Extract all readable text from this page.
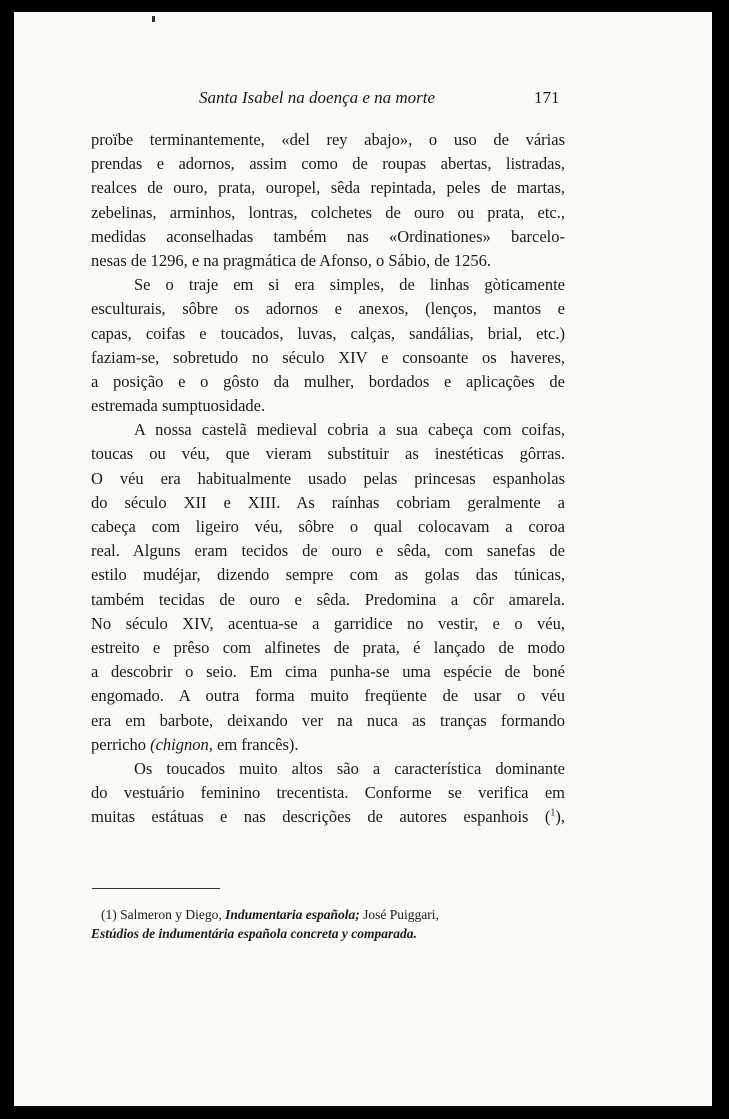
Santa Isabel na doença e na morte	171
proïbe terminantemente, «del rey abajo», o uso de várias
prendas e adornos, assim como de roupas abertas, listradas,
realces de ouro, prata, ouropel, sêda repintada, peles de martas,
zebelinas, arminhos, lontras, colchetes de ouro ou prata, etc.,
medidas aconselhadas também nas «Ordinationes» barcelo-
nesas de 1296, e na pragmática de Afonso, o Sábio, de 1256.
Se o traje em si era simples, de linhas gòticamente
esculturais, sôbre os adornos e anexos, (lenços, mantos e
capas, coifas e toucados, luvas, calças, sandálias, brial, etc.)
faziam-se, sobretudo no século XIV e consoante os haveres,
a posição e o gôsto da mulher, bordados e aplicações de
estremada sumptuosidade.
A nossa castelã medieval cobria a sua cabeça com coifas,
toucas ou véu, que vieram substituir as inestéticas gôrras.
O véu era habitualmente usado pelas princesas espanholas
do século XII e XIII. As raínhas cobriam geralmente a
cabeça com ligeiro véu, sôbre o qual colocavam a coroa
real. Alguns eram tecidos de ouro e sêda, com sanefas de
estilo mudéjar, dizendo sempre com as golas das túnicas,
também tecidas de ouro e sêda. Predomina a côr amarela.
No século XIV, acentua-se a garridice no vestir, e o véu,
estreito e prêso com alfinetes de prata, é lançado de modo
a descobrir o seio. Em cima punha-se uma espécie de boné
engomado. A outra forma muito freqüente de usar o véu
era em barbote, deixando ver na nuca as tranças formando
perricho (chignon, em francês).
Os toucados muito altos são a característica dominante
do vestuário feminino trecentista. Conforme se verifica em
muitas estátuas e nas descrições de autores espanhois ($^1$),
(1) Salmeron y Diego, Indumentaria española; José Puiggari,
Estúdios de indumentária española concreta y comparada.
